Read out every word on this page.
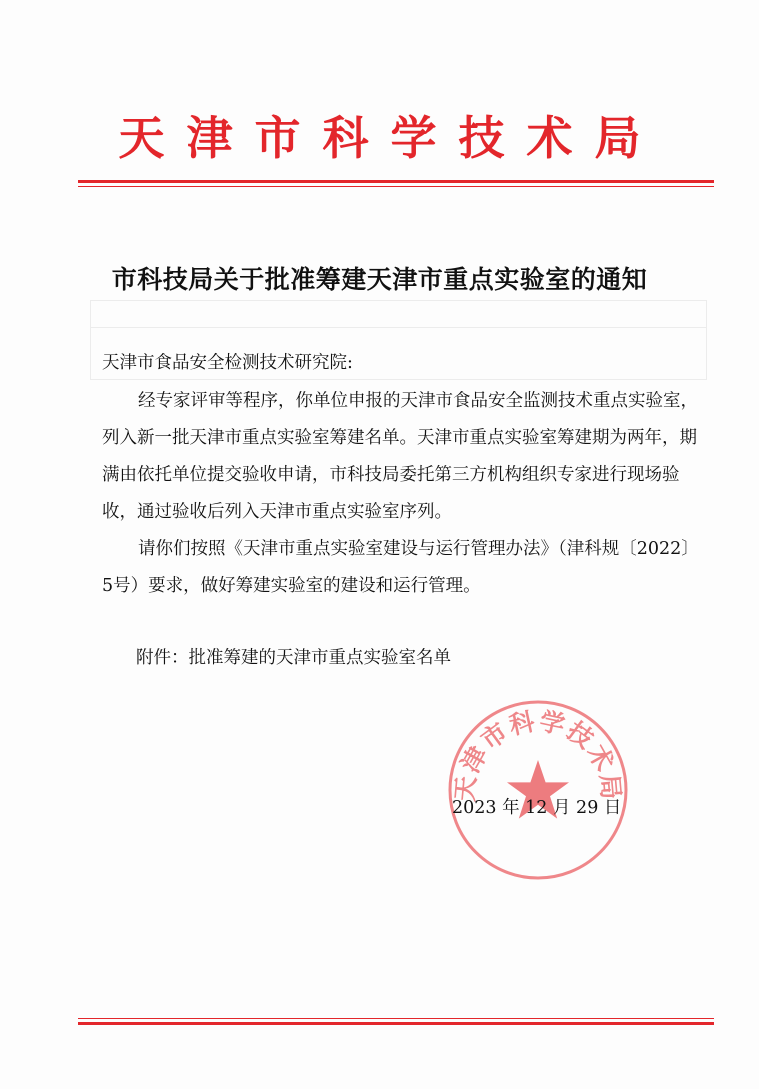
天津市科学技术局
市科技局关于批准筹建天津市重点实验室的通知
天津市食品安全检测技术研究院:
经专家评审等程序，你单位申报的天津市食品安全监测技术重点实验室，列入新一批天津市重点实验室筹建名单。天津市重点实验室筹建期为两年，期满由依托单位提交验收申请，市科技局委托第三方机构组织专家进行现场验收，通过验收后列入天津市重点实验室序列。
请你们按照《天津市重点实验室建设与运行管理办法》（津科规〔2022〕5号）要求，做好筹建实验室的建设和运行管理。
附件：批准筹建的天津市重点实验室名单
天津市科学技术局
2023 年 12 月 29 日
